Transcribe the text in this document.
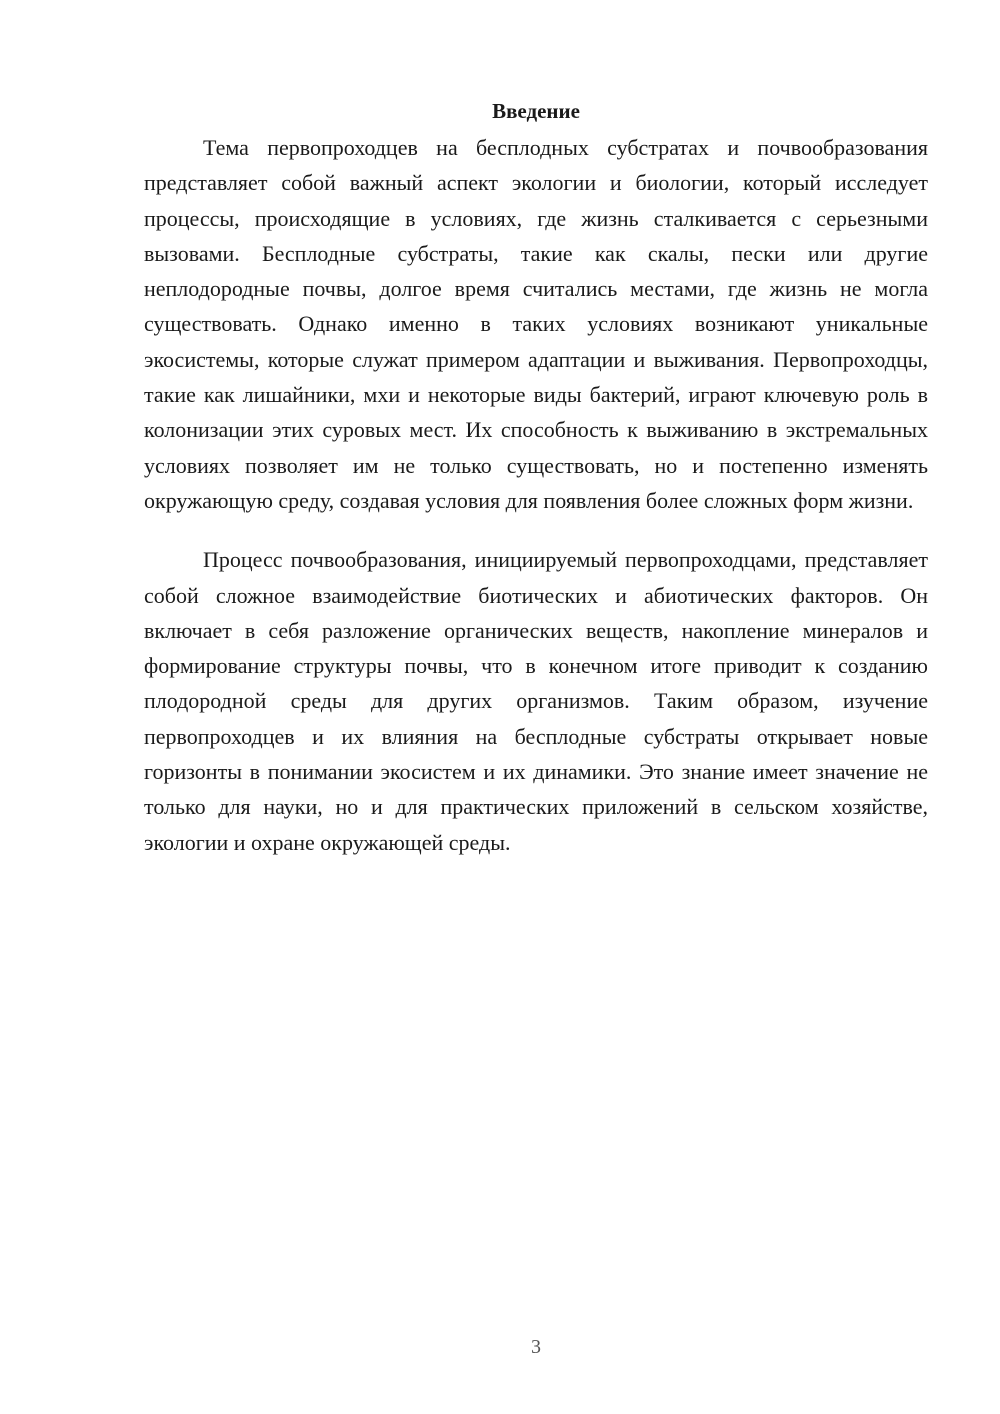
Введение

Тема первопроходцев на бесплодных субстратах и почвообразования представляет собой важный аспект экологии и биологии, который исследует процессы, происходящие в условиях, где жизнь сталкивается с серьезными вызовами. Бесплодные субстраты, такие как скалы, пески или другие неплодородные почвы, долгое время считались местами, где жизнь не могла существовать. Однако именно в таких условиях возникают уникальные экосистемы, которые служат примером адаптации и выживания. Первопроходцы, такие как лишайники, мхи и некоторые виды бактерий, играют ключевую роль в колонизации этих суровых мест. Их способность к выживанию в экстремальных условиях позволяет им не только существовать, но и постепенно изменять окружающую среду, создавая условия для появления более сложных форм жизни.

Процесс почвообразования, инициируемый первопроходцами, представляет собой сложное взаимодействие биотических и абиотических факторов. Он включает в себя разложение органических веществ, накопление минералов и формирование структуры почвы, что в конечном итоге приводит к созданию плодородной среды для других организмов. Таким образом, изучение первопроходцев и их влияния на бесплодные субстраты открывает новые горизонты в понимании экосистем и их динамики. Это знание имеет значение не только для науки, но и для практических приложений в сельском хозяйстве, экологии и охране окружающей среды.

3
